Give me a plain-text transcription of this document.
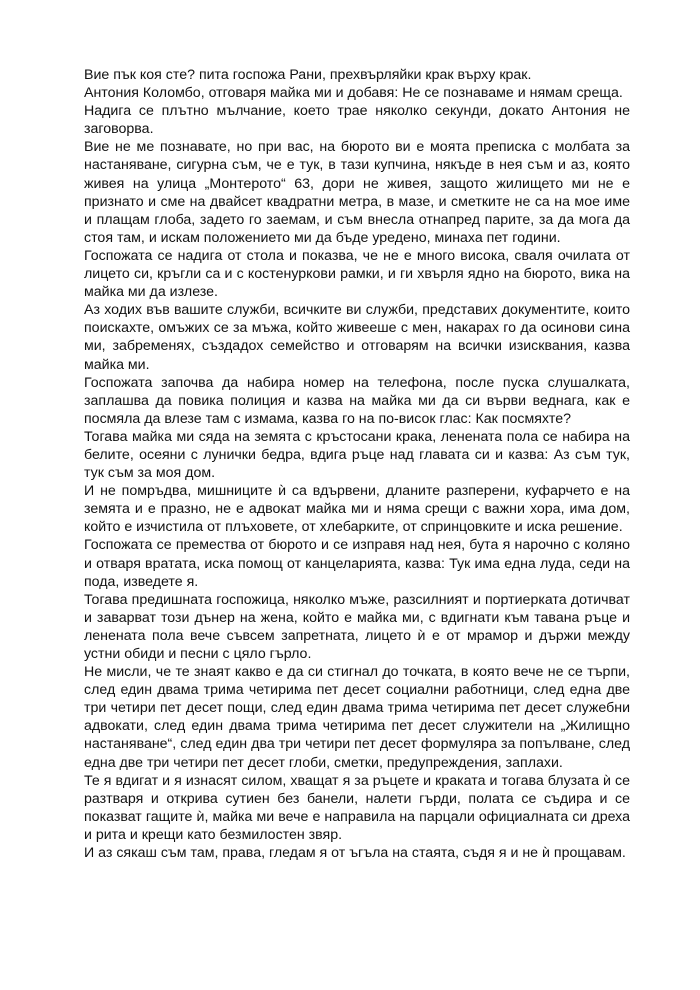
Вие пък коя сте? пита госпожа Рани, прехвърляйки крак върху крак.

Антония Коломбо, отговаря майка ми и добавя: Не се познаваме и нямам среща.

Надига се плътно мълчание, което трае няколко секунди, докато Антония не заговорва.

Вие не ме познавате, но при вас, на бюрото ви е моята преписка с молбата за настаняване, сигурна съм, че е тук, в тази купчина, някъде в нея съм и аз, която живея на улица „Монтерото“ 63, дори не живея, защото жилището ми не е признато и сме на двайсет квадратни метра, в мазе, и сметките не са на мое име и плащам глоба, задето го заемам, и съм внесла отнапред парите, за да мога да стоя там, и искам положението ми да бъде уредено, минаха пет години.

Госпожата се надига от стола и показва, че не е много висока, сваля очилата от лицето си, кръгли са и с костенуркови рамки, и ги хвърля ядно на бюрото, вика на майка ми да излезе.

Аз ходих във вашите служби, всичките ви служби, представих документите, които поискахте, омъжих се за мъжа, който живееше с мен, накарах го да осинови сина ми, забременях, създадох семейство и отговарям на всички изисквания, казва майка ми.

Госпожата започва да набира номер на телефона, после пуска слушалката, заплашва да повика полиция и казва на майка ми да си върви веднага, как е посмяла да влезе там с измама, казва го на по-висок глас: Как посмяхте?

Тогава майка ми сяда на земята с кръстосани крака, ленената пола се набира на белите, осеяни с лунички бедра, вдига ръце над главата си и казва: Аз съм тук, тук съм за моя дом.

И не помръдва, мишниците ѝ са вдървени, дланите разперени, куфарчето е на земята и е празно, не е адвокат майка ми и няма срещи с важни хора, има дом, който е изчистила от плъховете, от хлебарките, от спринцовките и иска решение.

Госпожата се премества от бюрото и се изправя над нея, бута я нарочно с коляно и отваря вратата, иска помощ от канцеларията, казва: Тук има една луда, седи на пода, изведете я.

Тогава предишната госпожица, няколко мъже, разсилният и портиерката дотичват и заварват този дънер на жена, който е майка ми, с вдигнати към тавана ръце и ленената пола вече съвсем запретната, лицето ѝ е от мрамор и държи между устни обиди и песни с цяло гърло.

Не мисли, че те знаят какво е да си стигнал до точката, в която вече не се търпи, след един двама трима четирима пет десет социални работници, след една две три четири пет десет пощи, след един двама трима четирима пет десет служебни адвокати, след един двама трима четирима пет десет служители на „Жилищно настаняване“, след един два три четири пет десет формуляра за попълване, след една две три четири пет десет глоби, сметки, предупреждения, заплахи.

Те я вдигат и я изнасят силом, хващат я за ръцете и краката и тогава блузата ѝ се разтваря и открива сутиен без банели, налети гърди, полата се съдира и се показват гащите ѝ, майка ми вече е направила на парцали официалната си дреха и рита и крещи като безмилостен звяр.

И аз сякаш съм там, права, гледам я от ъгъла на стаята, съдя я и не ѝ прощавам.
